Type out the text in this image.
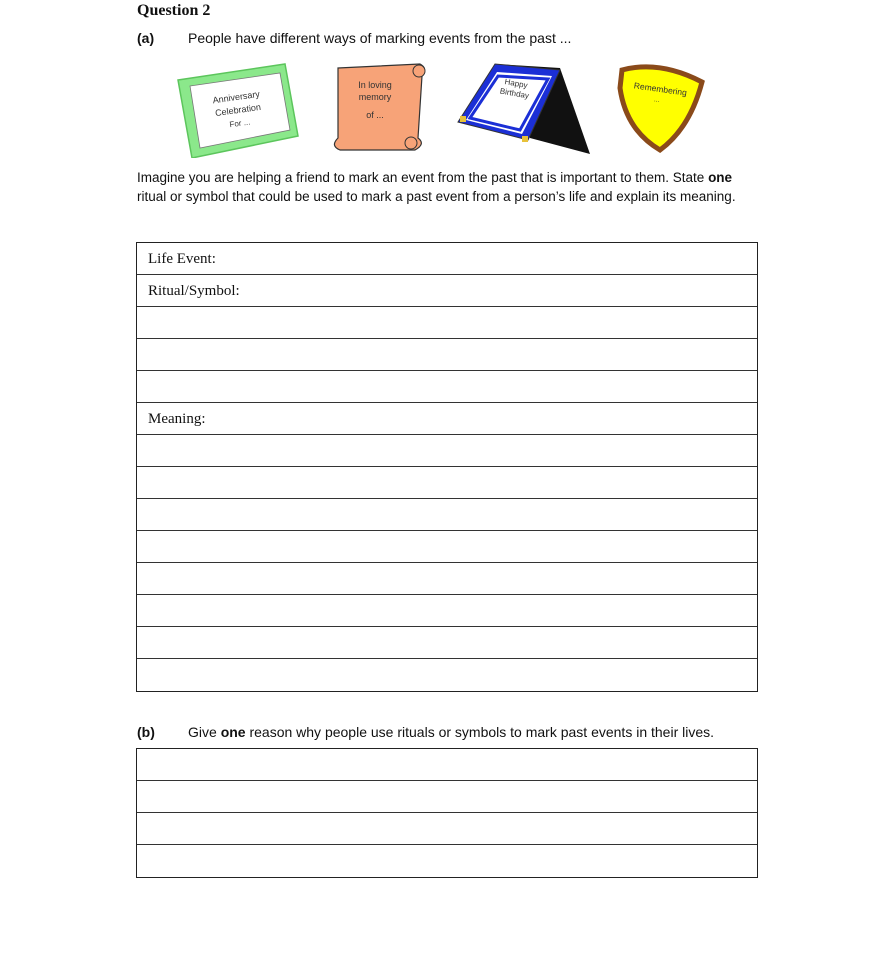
Question 2
(a) People have different ways of marking events from the past ...
Anniversary
Celebration
For ...
In loving
memory
of ...
Happy
Birthday	Remembering
...
Imagine you are helping a friend to mark an event from the past that is important to them. State one ritual or symbol that could be used to mark a past event from a person’s life and explain its meaning.
Life Event:
Ritual/Symbol:
Meaning:
(b) Give one reason why people use rituals or symbols to mark past events in their lives.
